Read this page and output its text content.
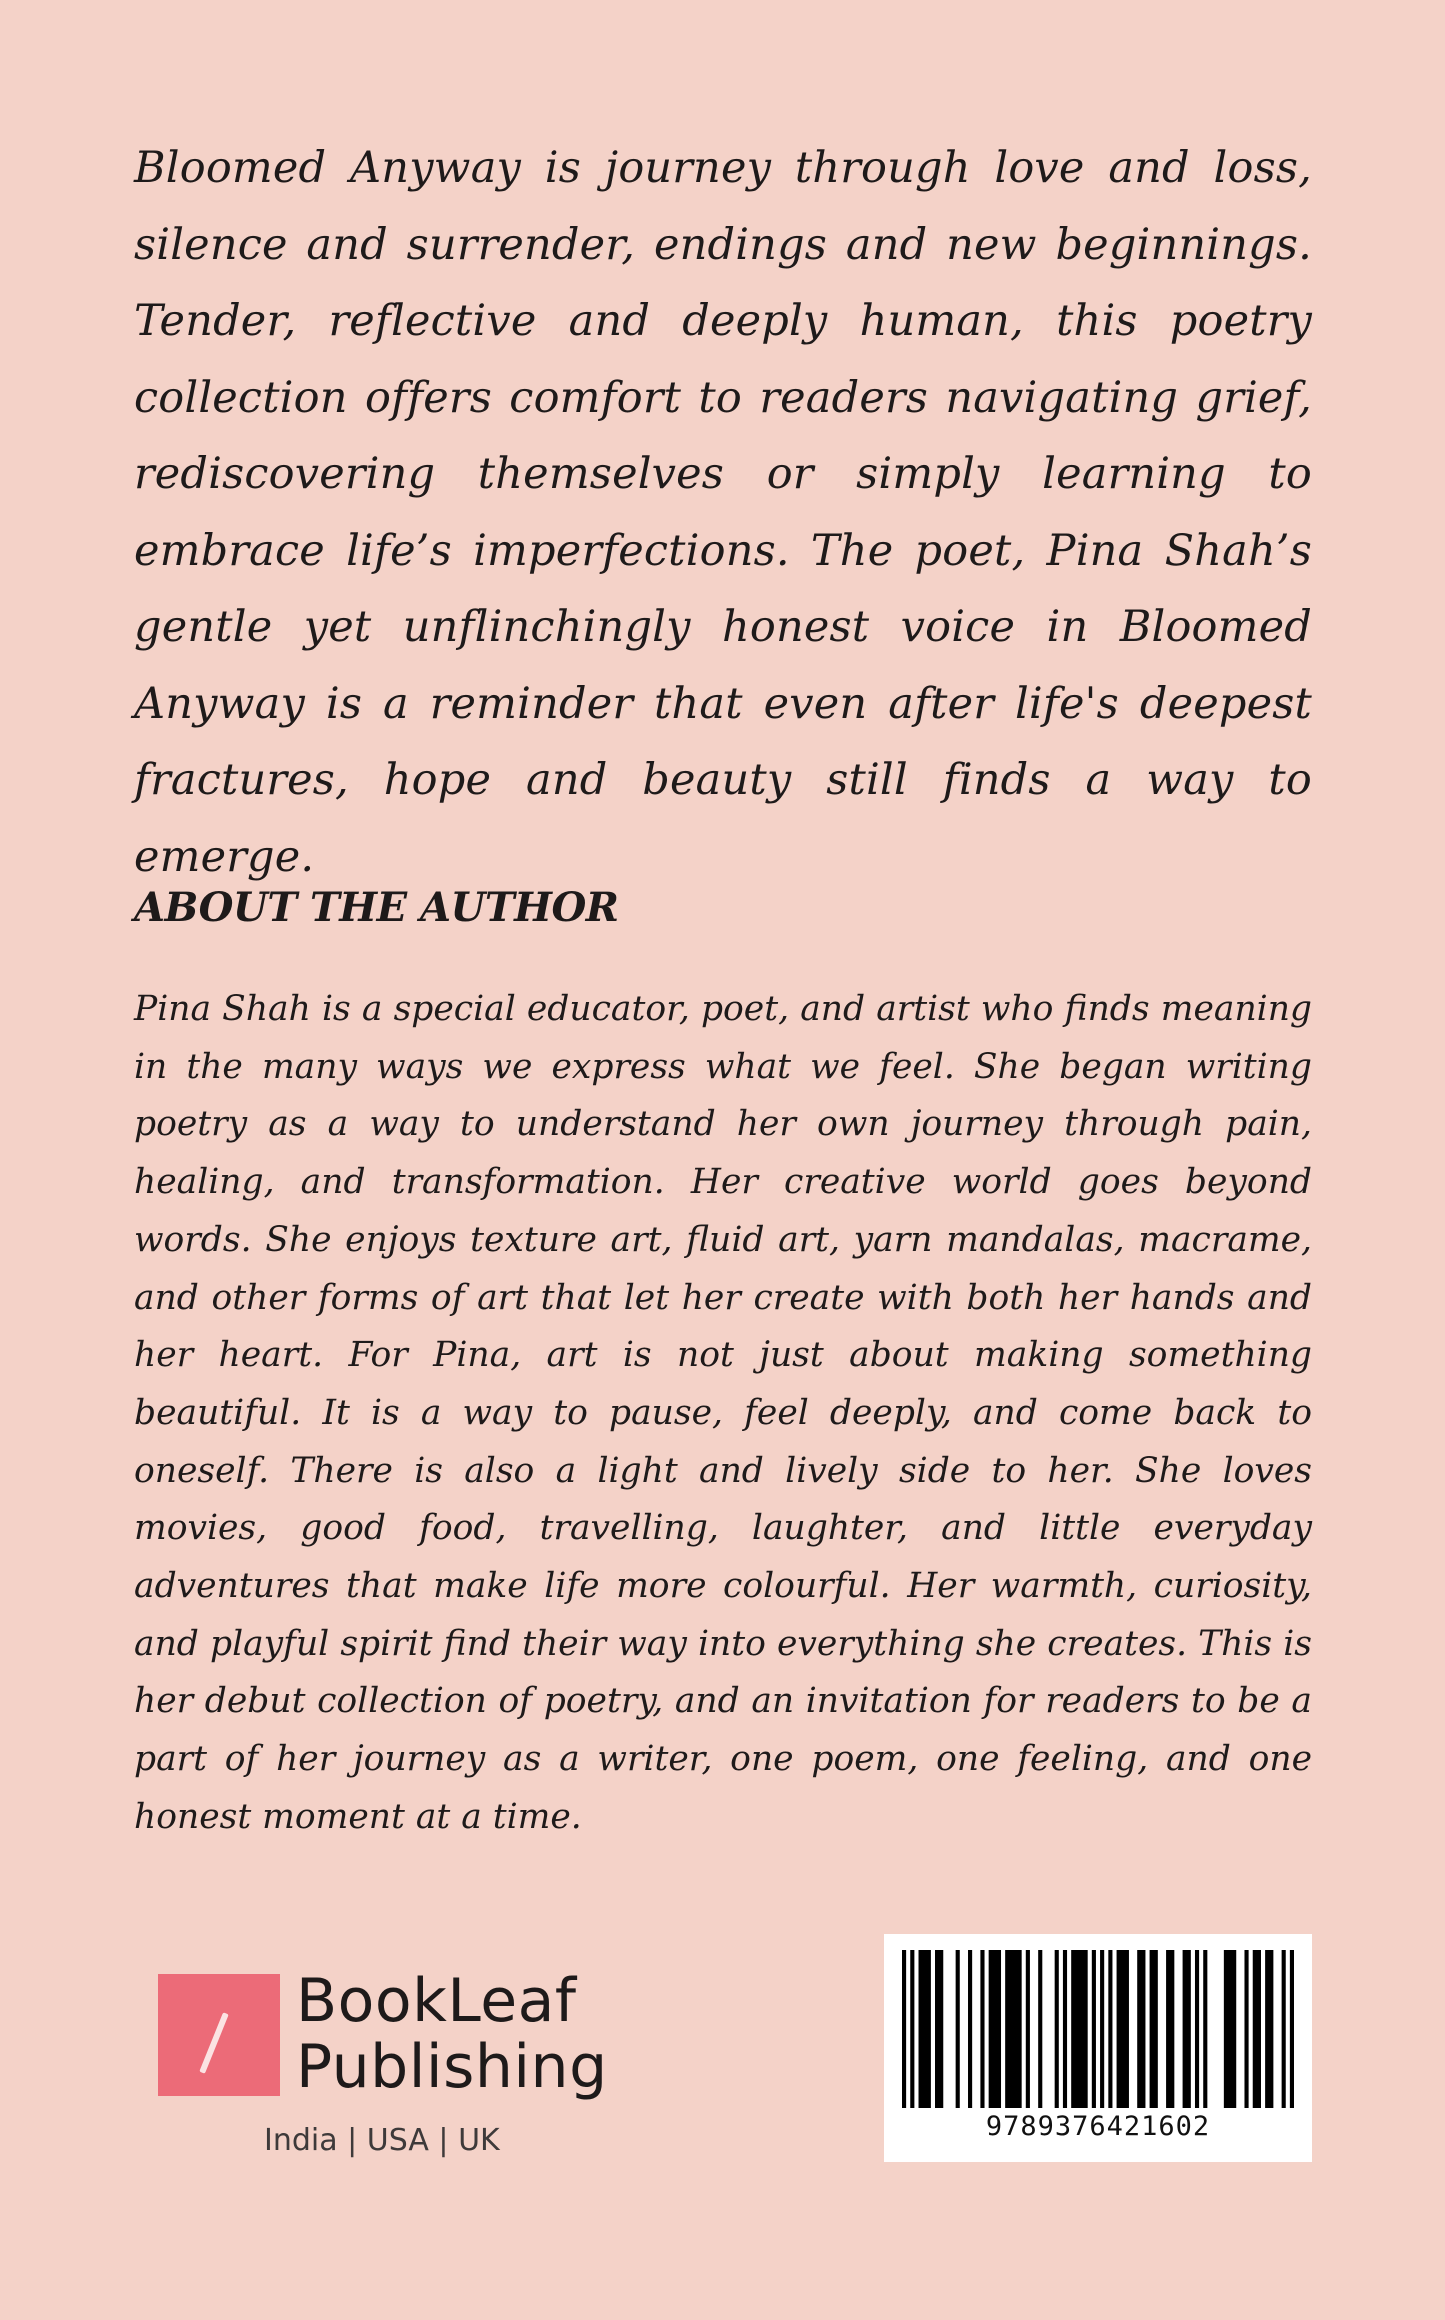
Bloomed Anyway is journey through love and loss, silence and surrender, endings and new beginnings. Tender, reflective and deeply human, this poetry collection offers comfort to readers navigating grief, rediscovering themselves or simply learning to embrace life’s imperfections. The poet, Pina Shah’s gentle yet unflinchingly honest voice in Bloomed Anyway is a reminder that even after life's deepest fractures, hope and beauty still finds a way to emerge.

ABOUT THE AUTHOR

Pina Shah is a special educator, poet, and artist who finds meaning in the many ways we express what we feel. She began writing poetry as a way to understand her own journey through pain, healing, and transformation. Her creative world goes beyond words. She enjoys texture art, fluid art, yarn mandalas, macrame, and other forms of art that let her create with both her hands and her heart. For Pina, art is not just about making something beautiful. It is a way to pause, feel deeply, and come back to oneself. There is also a light and lively side to her. She loves movies, good food, travelling, laughter, and little everyday adventures that make life more colourful. Her warmth, curiosity, and playful spirit find their way into everything she creates. This is her debut collection of poetry, and an invitation for readers to be a part of her journey as a writer, one poem, one feeling, and one honest moment at a time.

BookLeaf
Publishing
India | USA | UK	9789376421602
